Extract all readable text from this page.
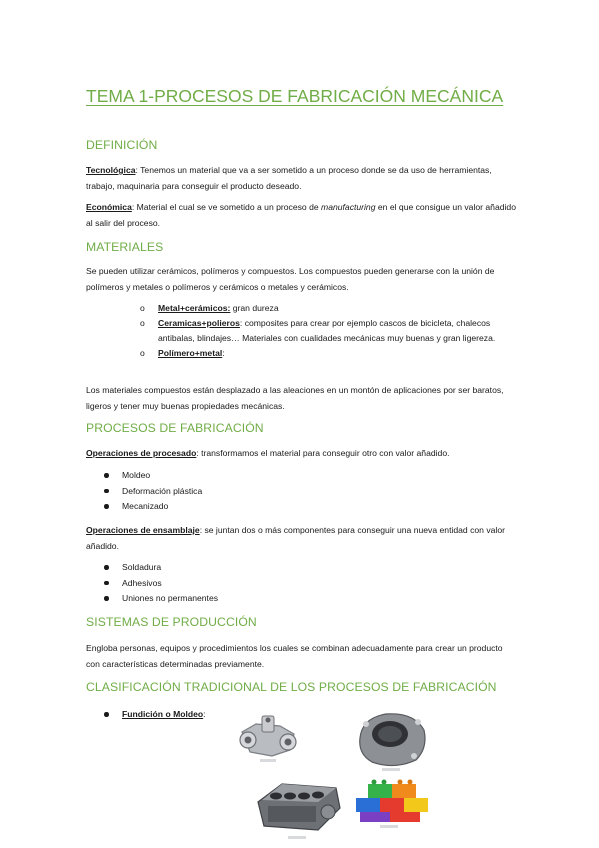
TEMA 1-PROCESOS DE FABRICACIÓN MECÁNICA
DEFINICIÓN

Tecnológica: Tenemos un material que va a ser sometido a un proceso donde se da uso de herramientas, trabajo, maquinaria para conseguir el producto deseado.

Económica: Material el cual se ve sometido a un proceso de manufacturing en el que consigue un valor añadido al salir del proceso.

MATERIALES

Se pueden utilizar cerámicos, polímeros y compuestos. Los compuestos pueden generarse con la unión de polímeros y metales o polímeros y cerámicos o metales y cerámicos.

o Metal+cerámicos: gran dureza
o Ceramicas+polieros: composites para crear por ejemplo cascos de bicicleta, chalecos antibalas, blindajes… Materiales con cualidades mecánicas muy buenas y gran ligereza.
o Polímero+metal:

Los materiales compuestos están desplazado a las aleaciones en un montón de aplicaciones por ser baratos, ligeros y tener muy buenas propiedades mecánicas.

PROCESOS DE FABRICACIÓN

Operaciones de procesado: transformamos el material para conseguir otro con valor añadido.

Moldeo
Deformación plástica
Mecanizado

Operaciones de ensamblaje: se juntan dos o más componentes para conseguir una nueva entidad con valor añadido.

Soldadura
Adhesivos
Uniones no permanentes
SISTEMAS DE PRODUCCIÓN

Engloba personas, equipos y procedimientos los cuales se combinan adecuadamente para crear un producto con características determinadas previamente.

CLASIFICACIÓN TRADICIONAL DE LOS PROCESOS DE FABRICACIÓN
Fundición o Moldeo:
